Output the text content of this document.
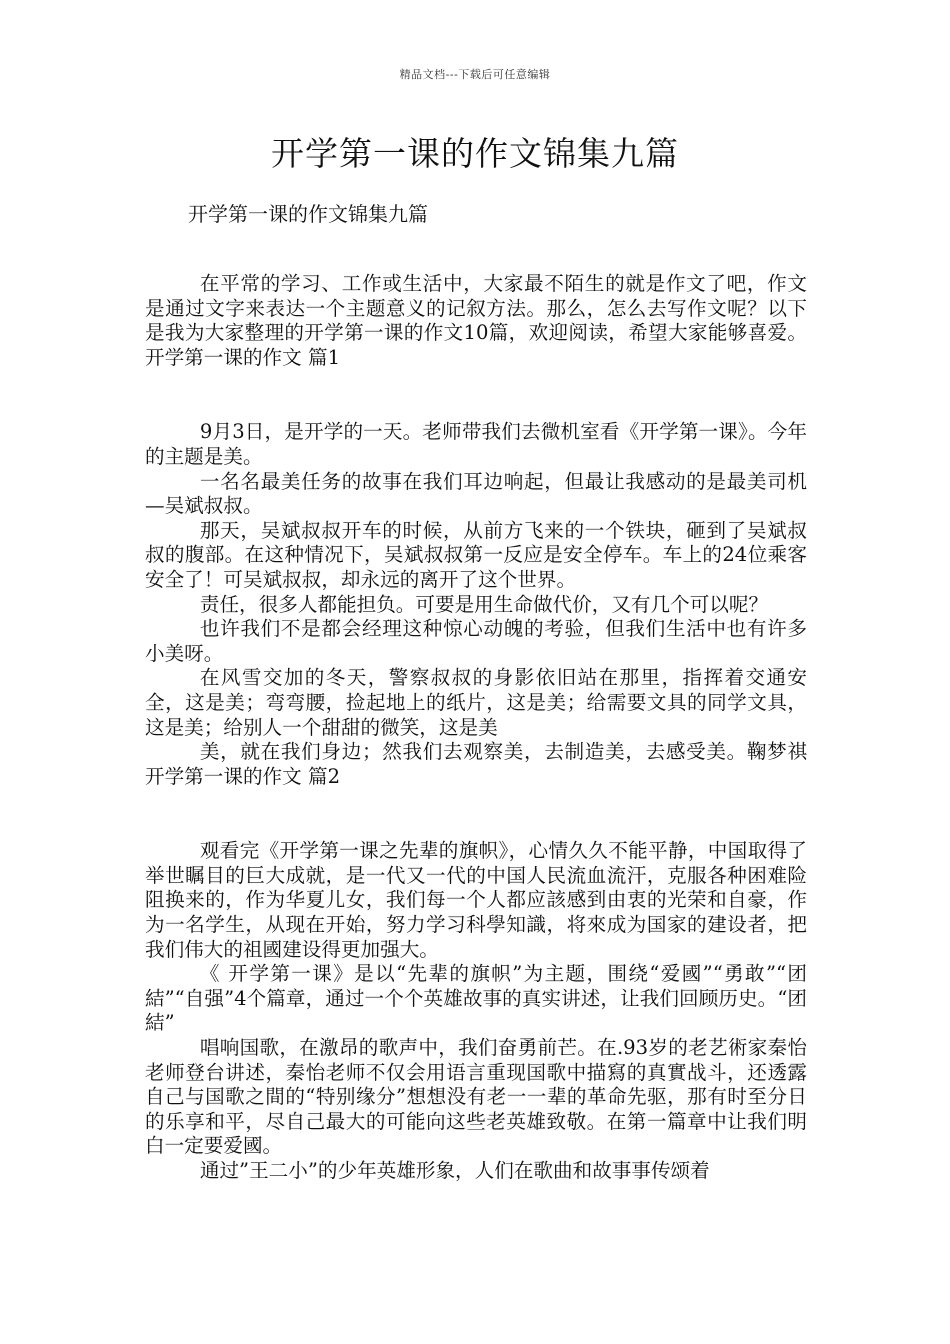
精品文档---下载后可任意编辑
开学第一课的作文锦集九篇
开学第一课的作文锦集九篇

在平常的学习、工作或生活中，大家最不陌生的就是作文了吧，作文是通过文字来表达一个主题意义的记叙方法。那么，怎么去写作文呢？以下是我为大家整理的开学第一课的作文10篇，欢迎阅读，希望大家能够喜爱。开学第一课的作文 篇1

9月3日，是开学的一天。老师带我们去微机室看《开学第一课》。今年的主题是美。

一名名最美任务的故事在我们耳边响起，但最让我感动的是最美司机—吴斌叔叔。

那天，吴斌叔叔开车的时候，从前方飞来的一个铁块，砸到了吴斌叔叔的腹部。在这种情况下，吴斌叔叔第一反应是安全停车。车上的24位乘客安全了！可吴斌叔叔，却永远的离开了这个世界。

责任，很多人都能担负。可要是用生命做代价，又有几个可以呢？

也许我们不是都会经理这种惊心动魄的考验，但我们生活中也有许多小美呀。

在风雪交加的冬天，警察叔叔的身影依旧站在那里，指挥着交通安全，这是美；弯弯腰，捡起地上的纸片，这是美；给需要文具的同学文具，这是美；给别人一个甜甜的微笑，这是美

美，就在我们身边；然我们去观察美，去制造美，去感受美。鞠梦祺开学第一课的作文 篇2

观看完《开学第一课之先辈的旗帜》，心情久久不能平静，中国取得了举世瞩目的巨大成就，是一代又一代的中国人民流血流汗，克服各种困难险阻换来的，作为华夏儿女，我们每一个人都应該感到由衷的光荣和自豪，作为一名学生，从现在开始，努力学习科學知識，将來成为国家的建设者，把我们伟大的祖國建设得更加强大。

《 开学第一课》是以“先辈的旗帜”为主题，围绕“爱國”“勇敢”“团結”“自强”4个篇章，通过一个个英雄故事的真实讲述，让我们回顾历史。“团結”

唱响国歌，在激昂的歌声中，我们奋勇前芒。在.93岁的老艺術家秦怡老师登台讲述，秦怡老师不仅会用语言重现国歌中描寫的真實战斗，还透露自己与国歌之間的“特别缘分”想想没有老一一辈的革命先驱，那有时至分日的乐享和平，尽自己最大的可能向这些老英雄致敬。在第一篇章中让我们明白一定要爱國。

通过”王二小”的少年英雄形象，人们在歌曲和故事事传颂着
